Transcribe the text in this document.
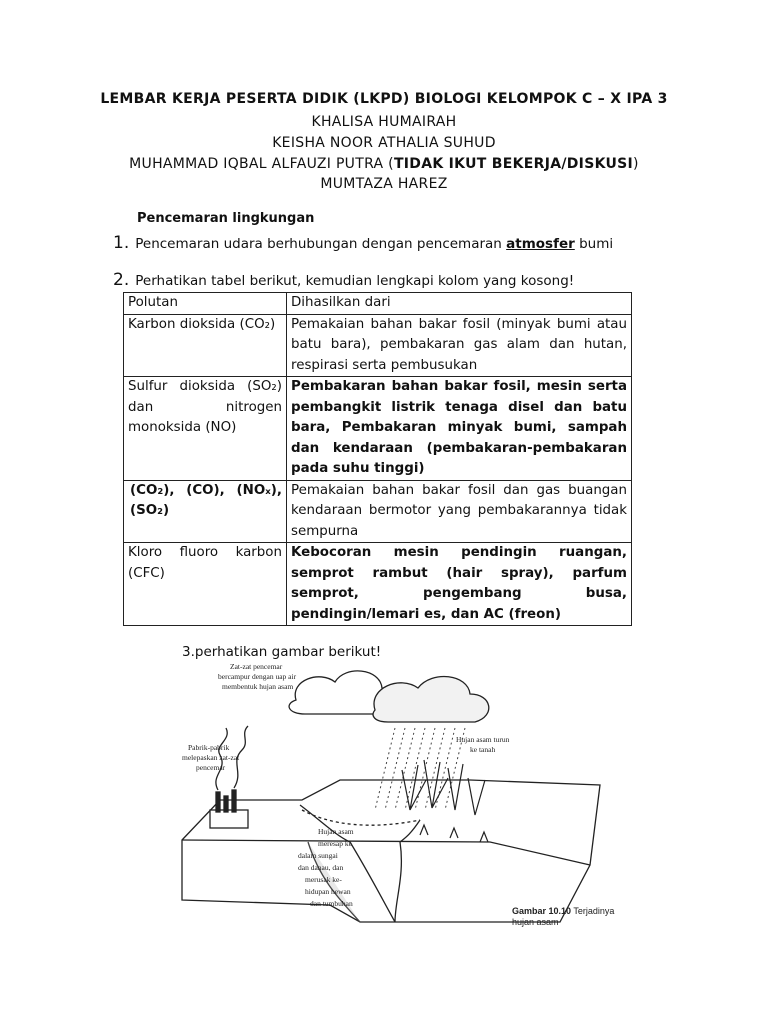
LEMBAR KERJA PESERTA DIDIK (LKPD) BIOLOGI KELOMPOK C – X IPA 3
KHALISA HUMAIRAH
KEISHA NOOR ATHALIA SUHUD
MUHAMMAD IQBAL ALFAUZI PUTRA (TIDAK IKUT BEKERJA/DISKUSI)
MUMTAZA HAREZ
Pencemaran lingkungan
1. Pencemaran udara berhubungan dengan pencemaran atmosfer bumi
2. Perhatikan tabel berikut, kemudian lengkapi kolom yang kosong!
Polutan	Dihasilkan dari
Karbon dioksida (CO₂)	Pemakaian bahan bakar fosil (minyak bumi atau batu bara), pembakaran gas alam dan hutan, respirasi serta pembusukan
Sulfur dioksida (SO₂) dan nitrogen monoksida (NO)	Pembakaran bahan bakar fosil, mesin serta pembangkit listrik tenaga disel dan batu bara, Pembakaran minyak bumi, sampah dan kendaraan (pembakaran-pembakaran pada suhu tinggi)
(CO₂), (CO), (NOₓ), (SO₂)	Pemakaian bahan bakar fosil dan gas buangan kendaraan bermotor yang pembakarannya tidak sempurna
Kloro fluoro karbon (CFC)	Kebocoran mesin pendingin ruangan, semprot rambut (hair spray), parfum semprot, pengembang busa, pendingin/lemari es, dan AC (freon)
3.perhatikan gambar berikut!
Zat-zat pencemar
bercampur dengan uap air
membentuk hujan asam
Pabrik-pabrik
melepaskan zat-zat
pencemar
Hujan asam turun
ke tanah
Hujan asam
meresap ke
dalam sungai
dan danau, dan
merusak ke-
hidupan hewan
dan tumbuhan
Gambar 10.10 Terjadinya
hujan asam
